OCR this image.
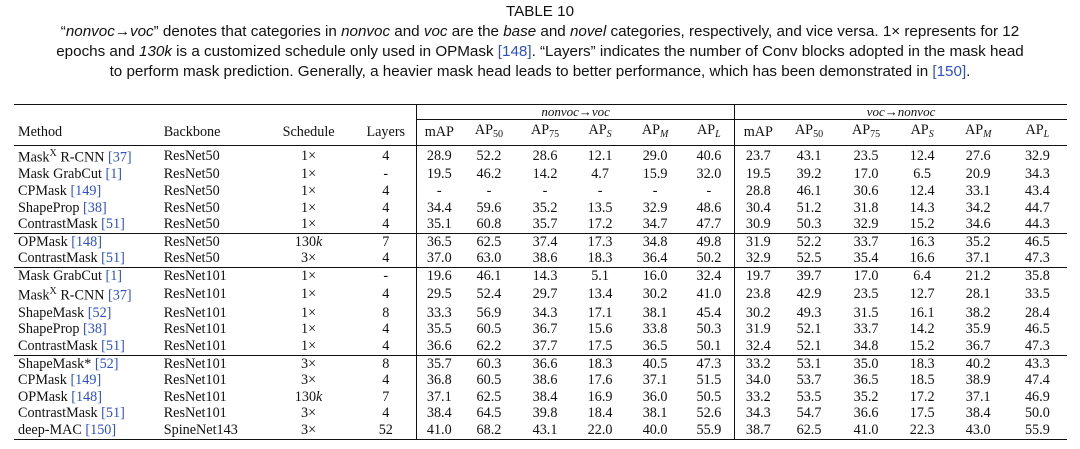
TABLE 10
“nonvoc→voc” denotes that categories in nonvoc and voc are the base and novel categories, respectively, and vice versa. 1× represents for 12
epochs and 130k is a customized schedule only used in OPMask [148]. “Layers” indicates the number of Conv blocks adopted in the mask head
to perform mask prediction. Generally, a heavier mask head leads to better performance, which has been demonstrated in [150].
				nonvoc→voc						voc→nonvoc					
Method	Backbone	Schedule	Layers	mAP	$AP_{50}$	$AP_{75}$	$AP_S$	$AP_M$	$AP_L$	mAP	$AP_{50}$	$AP_{75}$	$AP_S$	$AP_M$	$AP_L$
Mask$^X$ R-CNN [37]	ResNet50	1×	4	28.9	52.2	28.6	12.1	29.0	40.6	23.7	43.1	23.5	12.4	27.6	32.9
Mask GrabCut [1]	ResNet50	1×	-	19.5	46.2	14.2	4.7	15.9	32.0	19.5	39.2	17.0	6.5	20.9	34.3
CPMask [149]	ResNet50	1×	4	-	-	-	-	-	-	28.8	46.1	30.6	12.4	33.1	43.4
ShapeProp [38]	ResNet50	1×	4	34.4	59.6	35.2	13.5	32.9	48.6	30.4	51.2	31.8	14.3	34.2	44.7
ContrastMask [51]	ResNet50	1×	4	35.1	60.8	35.7	17.2	34.7	47.7	30.9	50.3	32.9	15.2	34.6	44.3
OPMask [148]	ResNet50	130k	7	36.5	62.5	37.4	17.3	34.8	49.8	31.9	52.2	33.7	16.3	35.2	46.5
ContrastMask [51]	ResNet50	3×	4	37.0	63.0	38.6	18.3	36.4	50.2	32.9	52.5	35.4	16.6	37.1	47.3
Mask GrabCut [1]	ResNet101	1×	-	19.6	46.1	14.3	5.1	16.0	32.4	19.7	39.7	17.0	6.4	21.2	35.8
Mask$^X$ R-CNN [37]	ResNet101	1×	4	29.5	52.4	29.7	13.4	30.2	41.0	23.8	42.9	23.5	12.7	28.1	33.5
ShapeMask [52]	ResNet101	1×	8	33.3	56.9	34.3	17.1	38.1	45.4	30.2	49.3	31.5	16.1	38.2	28.4
ShapeProp [38]	ResNet101	1×	4	35.5	60.5	36.7	15.6	33.8	50.3	31.9	52.1	33.7	14.2	35.9	46.5
ContrastMask [51]	ResNet101	1×	4	36.6	62.2	37.7	17.5	36.5	50.1	32.4	52.1	34.8	15.2	36.7	47.3
ShapeMask* [52]	ResNet101	3×	8	35.7	60.3	36.6	18.3	40.5	47.3	33.2	53.1	35.0	18.3	40.2	43.3
CPMask [149]	ResNet101	3×	4	36.8	60.5	38.6	17.6	37.1	51.5	34.0	53.7	36.5	18.5	38.9	47.4
OPMask [148]	ResNet101	130k	7	37.1	62.5	38.4	16.9	36.0	50.5	33.2	53.5	35.2	17.2	37.1	46.9
ContrastMask [51]	ResNet101	3×	4	38.4	64.5	39.8	18.4	38.1	52.6	34.3	54.7	36.6	17.5	38.4	50.0
deep-MAC [150]	SpineNet143	3×	52	41.0	68.2	43.1	22.0	40.0	55.9	38.7	62.5	41.0	22.3	43.0	55.9
